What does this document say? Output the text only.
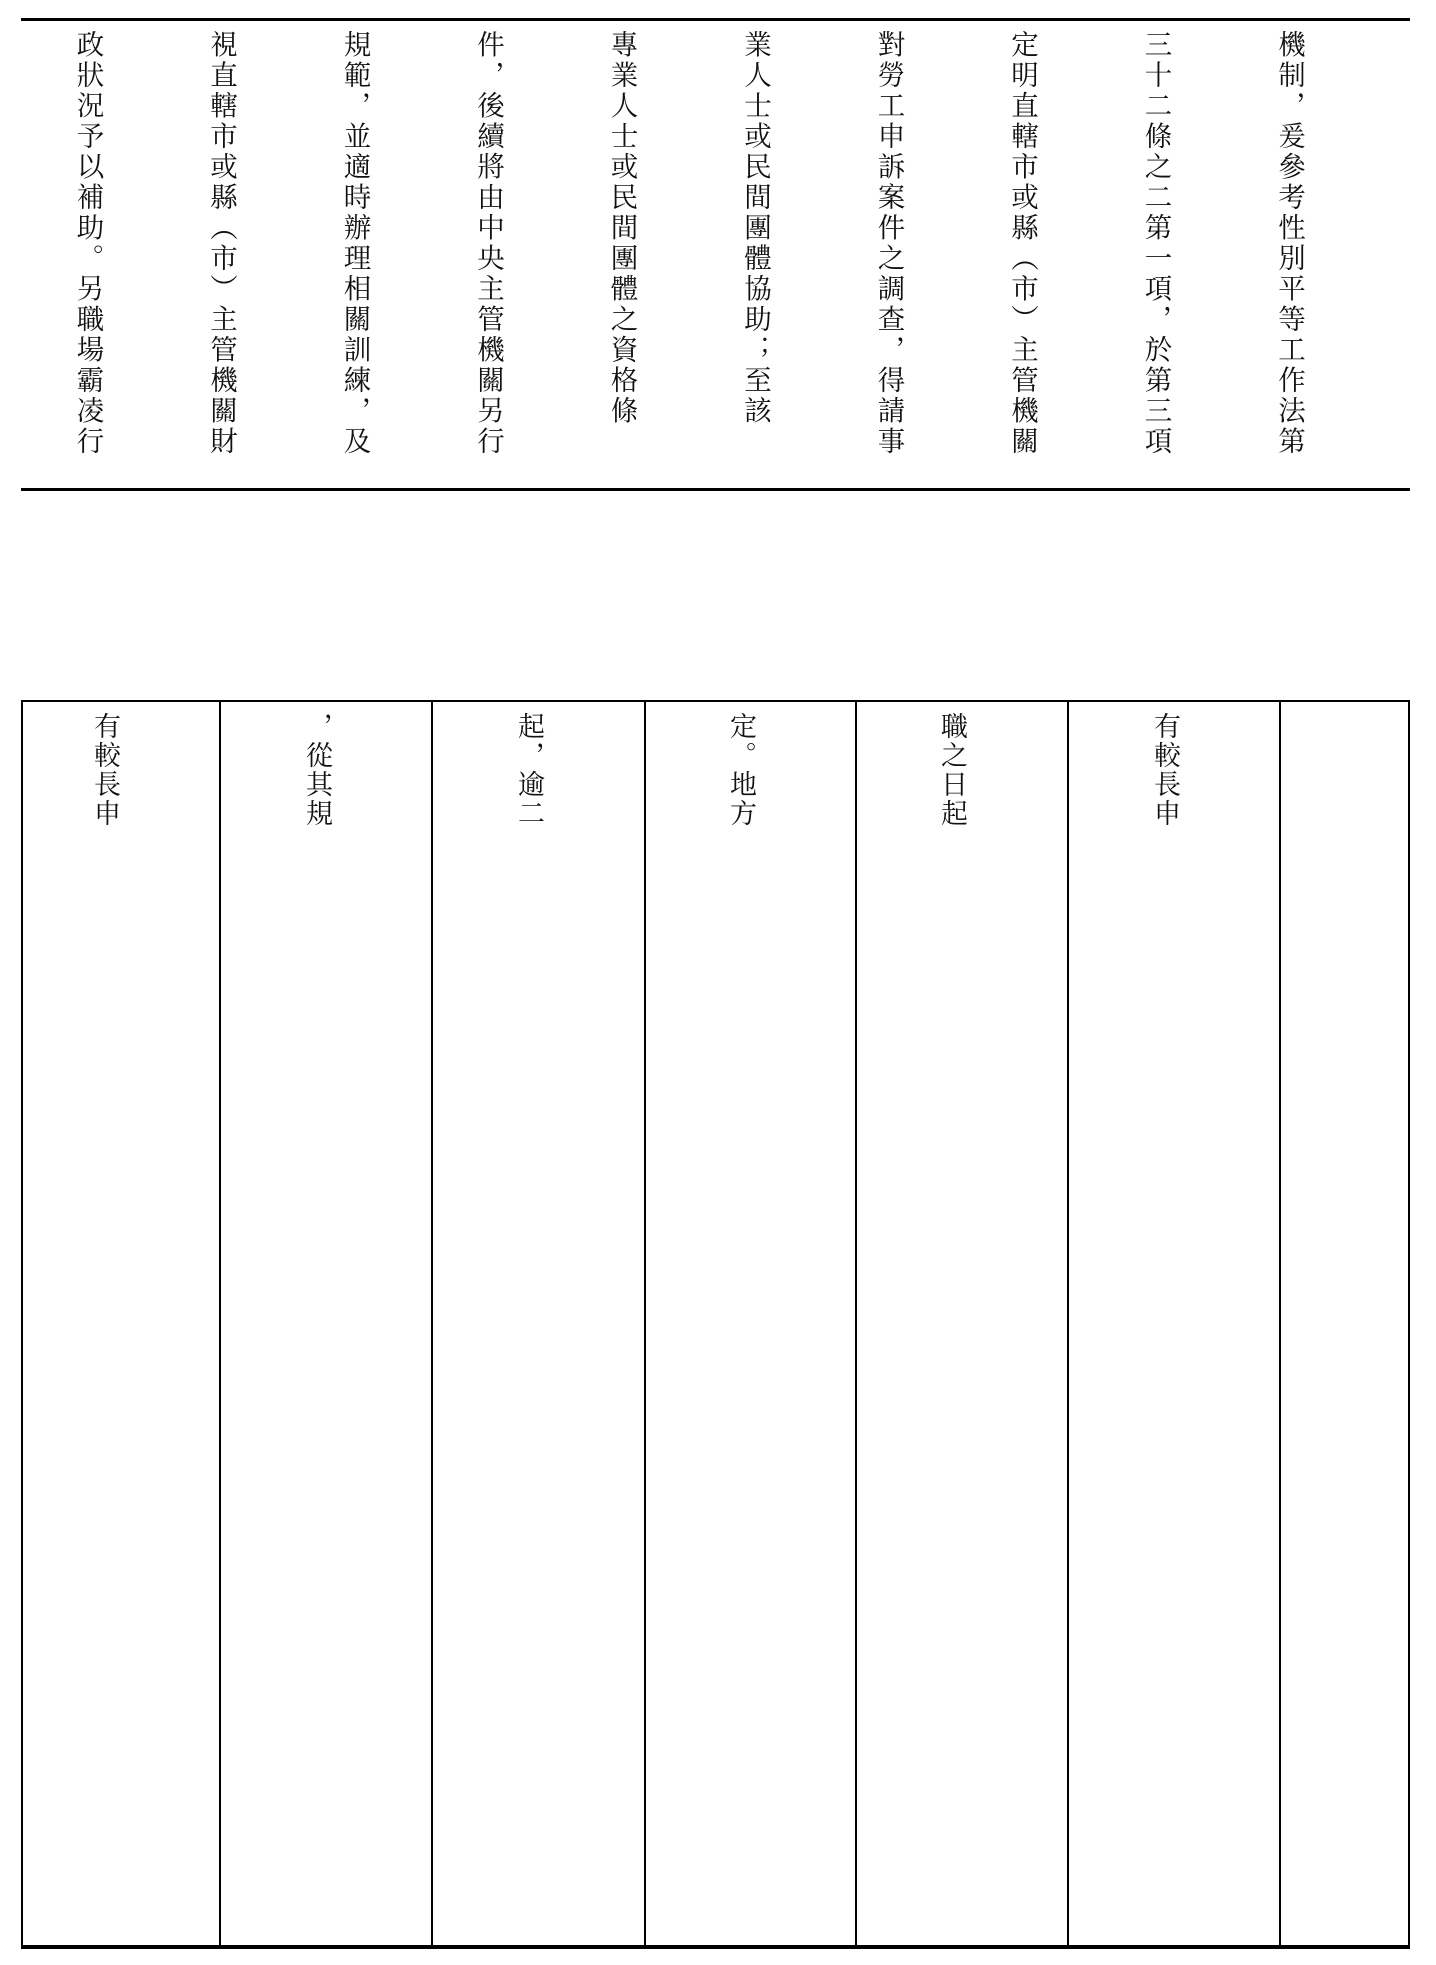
機制，爰參考性別平等工作法第

三十二條之二第一項，於第三項

定明直轄市或縣（市）主管機關

對勞工申訴案件之調查，得請事

業人士或民間團體協助；至該

專業人士或民間團體之資格條

件，後續將由中央主管機關另行

規範，並適時辦理相關訓練，及

視直轄市或縣（市）主管機關財

政狀況予以補助。另職場霸凌行

有較長申

職之日起

定。地方

起，逾二

，從其規

有較長申
